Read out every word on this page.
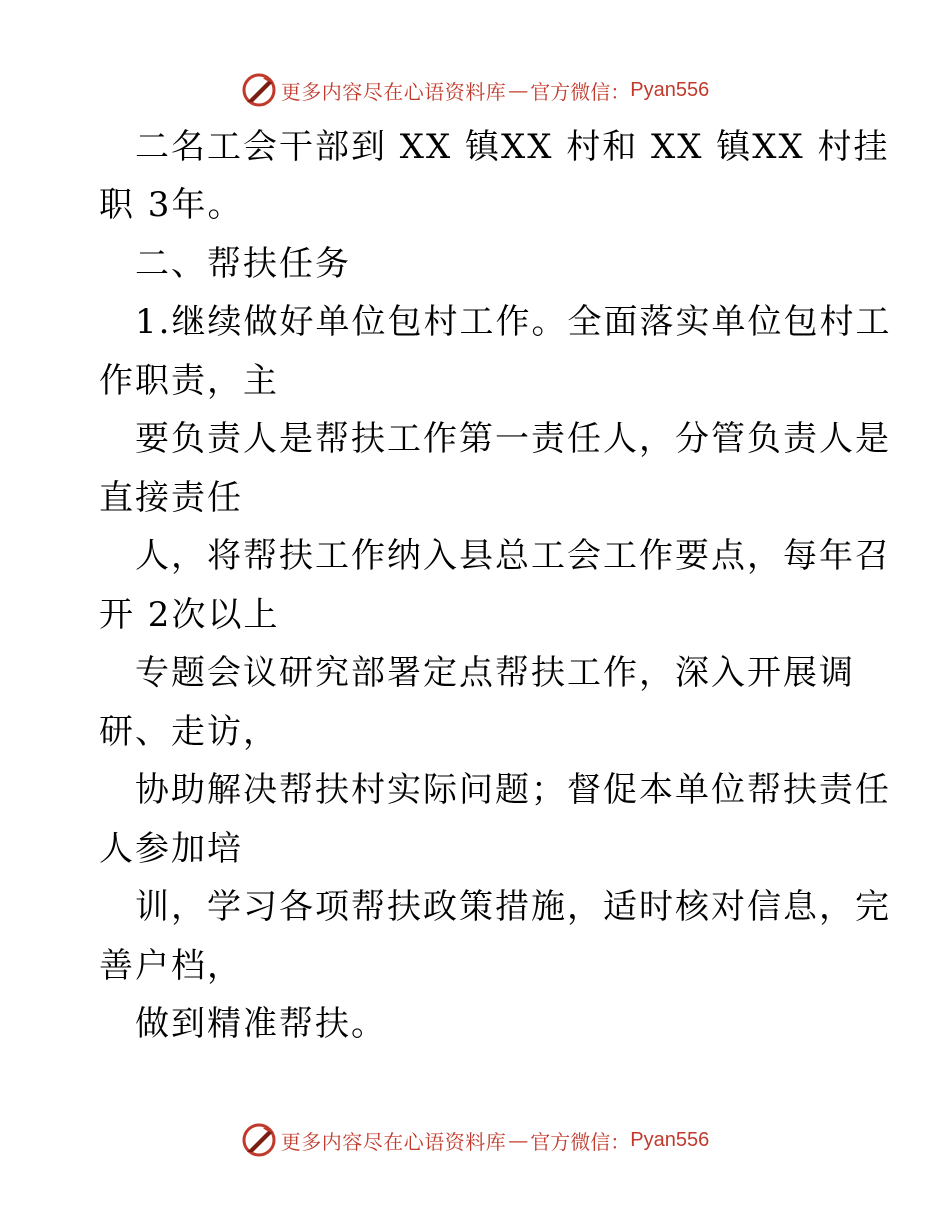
更多内容尽在心语资料库 — 官方微信： Pyan556
二名工会干部到 XX 镇XX 村和 XX 镇XX 村挂
职 3年。
二、帮扶任务
1.继续做好单位包村工作。全面落实单位包村工
作职责，主
要负责人是帮扶工作第一责任人，分管负责人是
直接责任
人，将帮扶工作纳入县总工会工作要点，每年召
开 2次以上
专题会议研究部署定点帮扶工作，深入开展调
研、走访，
协助解决帮扶村实际问题；督促本单位帮扶责任
人参加培
训，学习各项帮扶政策措施，适时核对信息，完
善户档，
做到精准帮扶。
更多内容尽在心语资料库 — 官方微信： Pyan556
